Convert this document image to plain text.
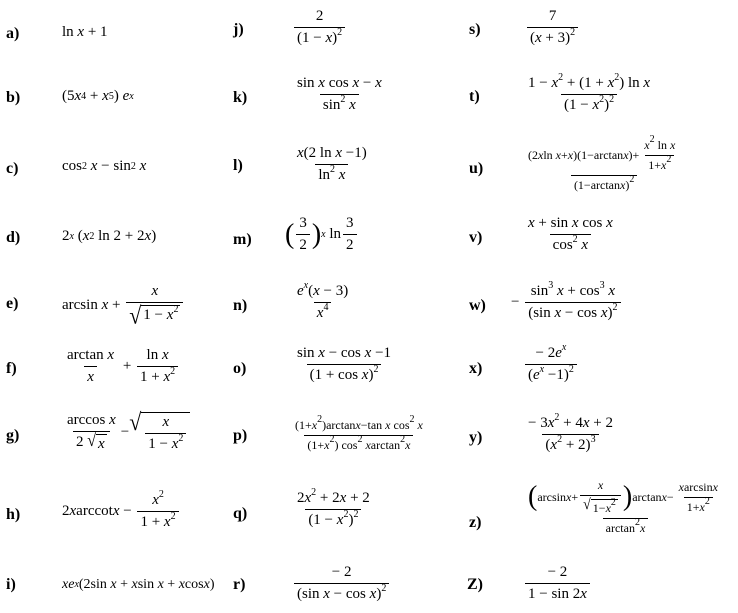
a)
b)
c)
d)
e)
f)
g)
h)
i)
j)
k)
l)
m)
n)
o)
p)
q)
r)
s)
t)
u)
v)
w)
x)
y)
z)
Z)
ln x + 1
(5 x 4 + x 5 ) e x
cos 2
x − sin 2
x
2 x ( x 2 ln 2 + 2 x )
$\arcsin x + \frac{x}{√ 1 - x^2}$
$\frac{\text{arctan x}}{x} + \frac{\text{ln x}}{1 + x^2}$
$\frac{\text{arccos x}}{2 √ x}$ − √ $\frac{x}{1 - x^2}$
2 x arccot $x - \frac{x^2}{1 + x^2}$
xe x (2sin x + x sin x + x cos x )
$\frac{2}{(1 - x)^2}$
$\frac{\text{sin x cos x − x}}{\sin^2 x}$
$\frac{\text{x(2 ln x −1)}}{\ln^2 x}$
( $\frac{3}{2}$ ) x $\ln \frac{3}{2}$
$\frac{e^x(x - 3)}{x^4}$
$\frac{\text{sin x − cos x −1}}{(1 + \cos x)^2}$
$\frac{(1+x^2)\arctan x-\tan x \cos^2 x}{(1+x^2) \cos^2 xarctan^2x}$
$\frac{2x^2 + 2x + 2}{(1 - x^2)^2}$
$\frac{- 2}{(\sin x - \cos x)^2}$
$\frac{7}{(x + 3)^2}$
$\frac{1 - x^2 + (1 + x^2) \ln x}{(1 - x^2)^2}$
$\frac{(2 x \ln x + x )(1-\arctan x )+ \frac{x^2 \ln x}{1+x^2}}{(1-\arctan x)^2}$
$\frac{\text{x + sin x cos x}}{\cos^2 x}$
− $\frac{\sin^3 x + \cos^3 x}{(\sin x - \cos x)^2}$
$\frac{- 2e^x}{(e^x -1)^2}$
$\frac{- 3x^2 + 4x + 2}{(x^2 + 2)^3}$
$\frac{( \arcsin x + \frac{x}{√ 1-x^2} ) \arctan x - \frac{xarcsinx}{1+x^2}}{\arctan^2x}$
$\frac{- 2}{1 - \sin 2x}$
